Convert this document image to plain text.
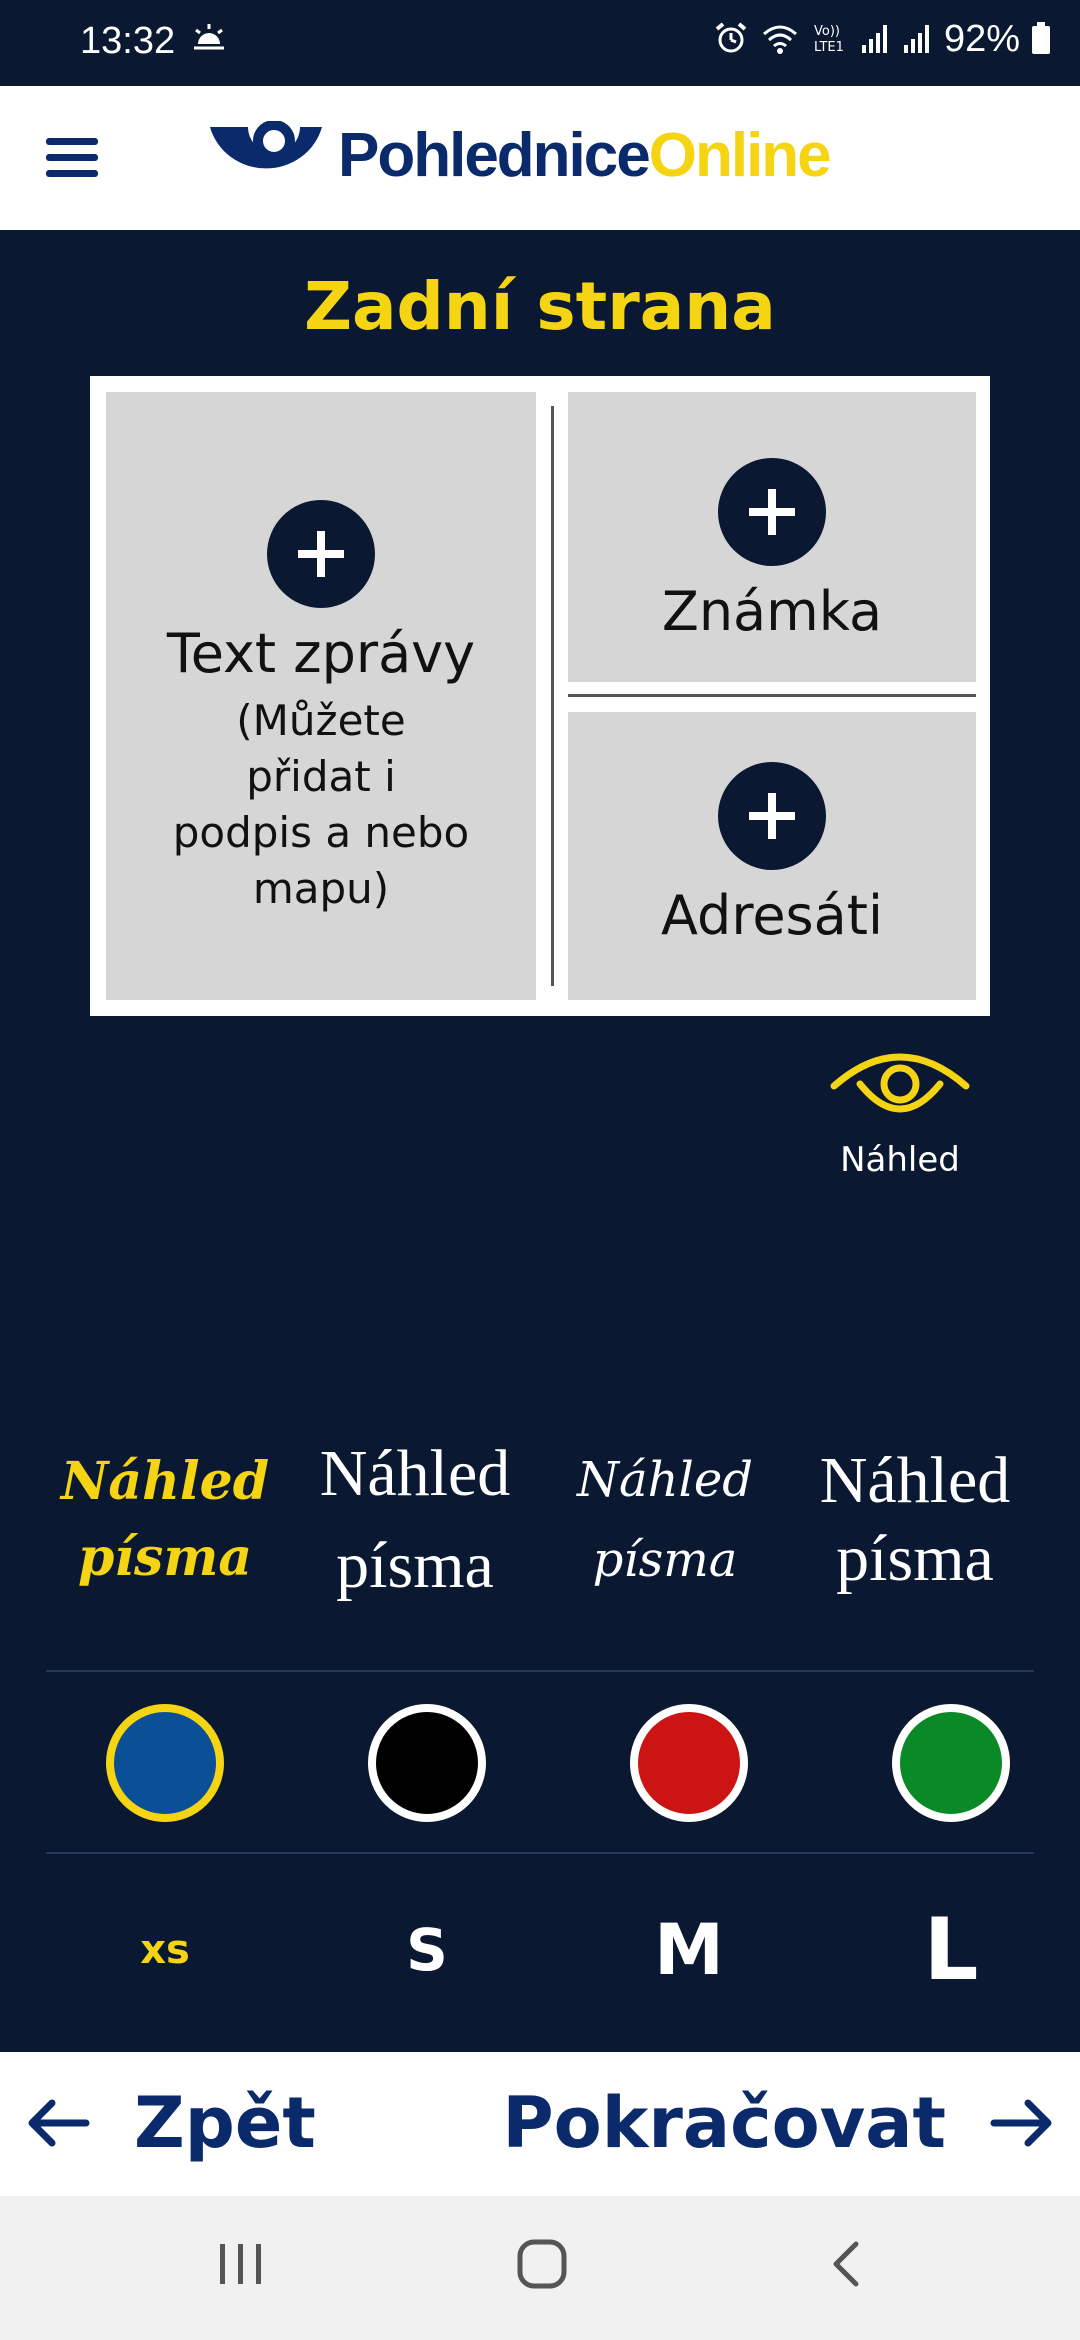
13:32	Vo))
LTE1	92%
PohledniceOnline
Zadní strana
Text zprávy
(Můžete přidat i podpis a nebo mapu)
Známka
Adresáti
Náhled
Náhled písma
Náhled písma
Náhled písma
Náhled písma
xs	S	M	L
Zpět	Pokračovat
